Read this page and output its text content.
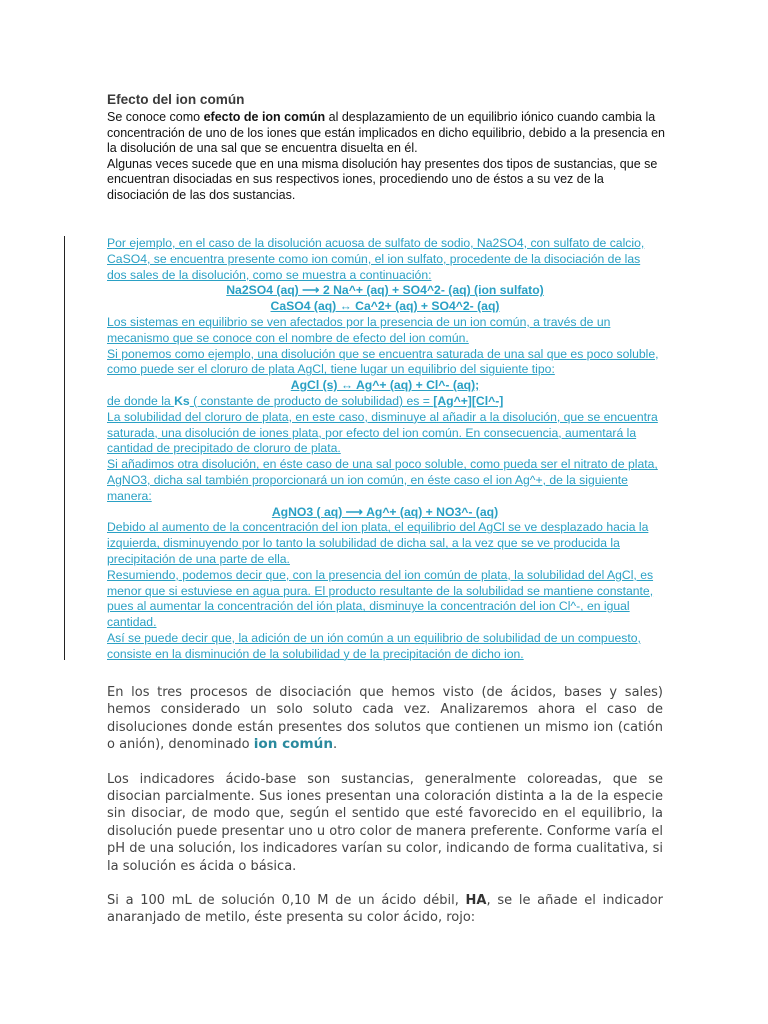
Efecto del ion común

Se conoce como efecto de ion común al desplazamiento de un equilibrio iónico cuando cambia la concentración de uno de los iones que están implicados en dicho equilibrio, debido a la presencia en la disolución de una sal que se encuentra disuelta en él.

Algunas veces sucede que en una misma disolución hay presentes dos tipos de sustancias, que se encuentran disociadas en sus respectivos iones, procediendo uno de éstos a su vez de la disociación de las dos sustancias.

Por ejemplo, en el caso de la disolución acuosa de sulfato de sodio, Na2SO4, con sulfato de calcio, CaSO4, se encuentra presente como ion común, el ion sulfato, procedente de la disociación de las dos sales de la disolución, como se muestra a continuación:

Na2SO4 (aq) ⟶ 2 Na^+ (aq) + SO4^2- (aq) (ion sulfato)

CaSO4 (aq) ↔ Ca^2+ (aq) + SO4^2- (aq)

Los sistemas en equilibrio se ven afectados por la presencia de un ion común, a través de un mecanismo que se conoce con el nombre de efecto del ion común.

Si ponemos como ejemplo, una disolución que se encuentra saturada de una sal que es poco soluble, como puede ser el cloruro de plata AgCl, tiene lugar un equilibrio del siguiente tipo:

AgCl (s) ↔ Ag^+ (aq) + Cl^- (aq);

de donde la Ks ( constante de producto de solubilidad) es = [Ag^+][Cl^-]

La solubilidad del cloruro de plata, en este caso, disminuye al añadir a la disolución, que se encuentra saturada, una disolución de iones plata, por efecto del ion común. En consecuencia, aumentará la cantidad de precipitado de cloruro de plata.

Si añadimos otra disolución, en éste caso de una sal poco soluble, como pueda ser el nitrato de plata, AgNO3, dicha sal también proporcionará un ion común, en éste caso el ion Ag^+, de la siguiente manera:

AgNO3 ( aq) ⟶ Ag^+ (aq) + NO3^- (aq)

Debido al aumento de la concentración del ion plata, el equilibrio del AgCl se ve desplazado hacia la izquierda, disminuyendo por lo tanto la solubilidad de dicha sal, a la vez que se ve producida la precipitación de una parte de ella.

Resumiendo, podemos decir que, con la presencia del ion común de plata, la solubilidad del AgCl, es menor que si estuviese en agua pura. El producto resultante de la solubilidad se mantiene constante, pues al aumentar la concentración del ión plata, disminuye la concentración del ion Cl^-, en igual cantidad.

Así se puede decir que, la adición de un ión común a un equilibrio de solubilidad de un compuesto, consiste en la disminución de la solubilidad y de la precipitación de dicho ion.

En los tres procesos de disociación que hemos visto (de ácidos, bases y sales) hemos considerado un solo soluto cada vez. Analizaremos ahora el caso de disoluciones donde están presentes dos solutos que contienen un mismo ion (catión o anión), denominado ion común.

Los indicadores ácido-base son sustancias, generalmente coloreadas, que se disocian parcialmente. Sus iones presentan una coloración distinta a la de la especie sin disociar, de modo que, según el sentido que esté favorecido en el equilibrio, la disolución puede presentar uno u otro color de manera preferente. Conforme varía el pH de una solución, los indicadores varían su color, indicando de forma cualitativa, si la solución es ácida o básica.

Si a 100 mL de solución 0,10 M de un ácido débil, HA, se le añade el indicador anaranjado de metilo, éste presenta su color ácido, rojo:
